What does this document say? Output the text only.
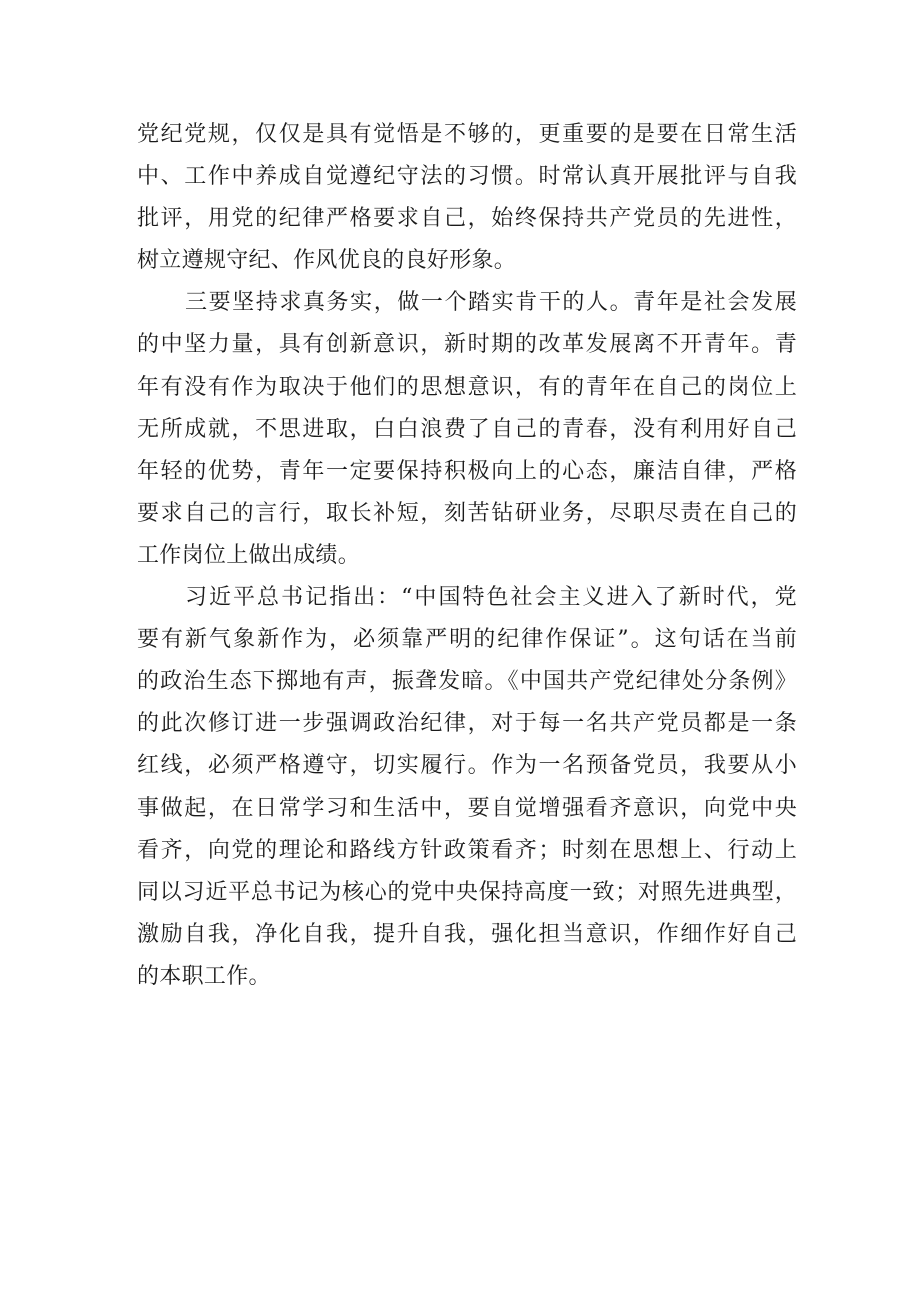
党纪党规，仅仅是具有觉悟是不够的，更重要的是要在日常生活
中、工作中养成自觉遵纪守法的习惯。时常认真开展批评与自我
批评，用党的纪律严格要求自己，始终保持共产党员的先进性，
树立遵规守纪、作风优良的良好形象。
三要坚持求真务实，做一个踏实肯干的人。青年是社会发展
的中坚力量，具有创新意识，新时期的改革发展离不开青年。青
年有没有作为取决于他们的思想意识，有的青年在自己的岗位上
无所成就，不思进取，白白浪费了自己的青春，没有利用好自己
年轻的优势，青年一定要保持积极向上的心态，廉洁自律，严格
要求自己的言行，取长补短，刻苦钻研业务，尽职尽责在自己的
工作岗位上做出成绩。
习近平总书记指出：“中国特色社会主义进入了新时代，党
要有新气象新作为，必须靠严明的纪律作保证”。这句话在当前
的政治生态下掷地有声，振聋发暗。《中国共产党纪律处分条例》
的此次修订进一步强调政治纪律，对于每一名共产党员都是一条
红线，必须严格遵守，切实履行。作为一名预备党员，我要从小
事做起，在日常学习和生活中，要自觉增强看齐意识，向党中央
看齐，向党的理论和路线方针政策看齐；时刻在思想上、行动上
同以习近平总书记为核心的党中央保持高度一致；对照先进典型，
激励自我，净化自我，提升自我，强化担当意识，作细作好自己
的本职工作。
